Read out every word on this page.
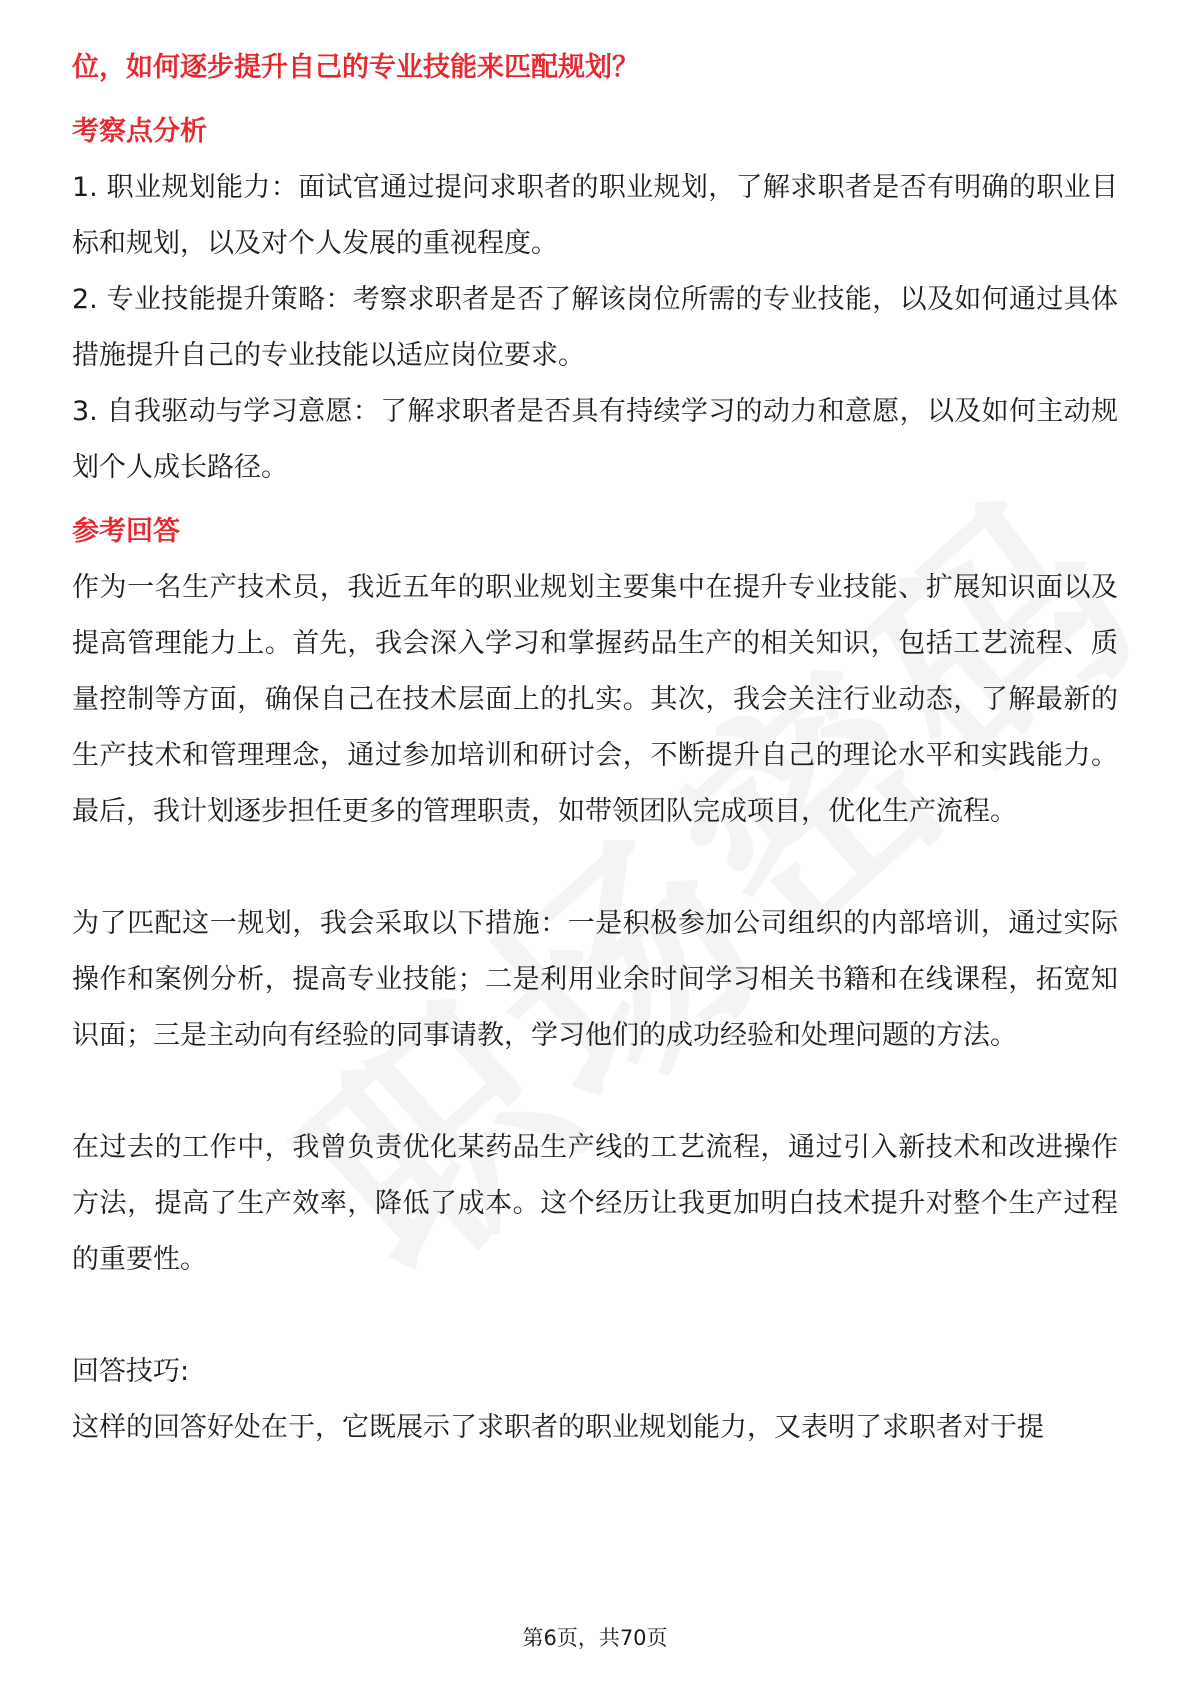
位，如何逐步提升自己的专业技能来匹配规划？

考察点分析

1. 职业规划能力：面试官通过提问求职者的职业规划，了解求职者是否有明确的职业目标和规划，以及对个人发展的重视程度。

2. 专业技能提升策略：考察求职者是否了解该岗位所需的专业技能，以及如何通过具体措施提升自己的专业技能以适应岗位要求。

3. 自我驱动与学习意愿：了解求职者是否具有持续学习的动力和意愿，以及如何主动规划个人成长路径。

参考回答

作为一名生产技术员，我近五年的职业规划主要集中在提升专业技能、扩展知识面以及提高管理能力上。首先，我会深入学习和掌握药品生产的相关知识，包括工艺流程、质量控制等方面，确保自己在技术层面上的扎实。其次，我会关注行业动态，了解最新的生产技术和管理理念，通过参加培训和研讨会，不断提升自己的理论水平和实践能力。最后，我计划逐步担任更多的管理职责，如带领团队完成项目，优化生产流程。

为了匹配这一规划，我会采取以下措施：一是积极参加公司组织的内部培训，通过实际操作和案例分析，提高专业技能；二是利用业余时间学习相关书籍和在线课程，拓宽知识面；三是主动向有经验的同事请教，学习他们的成功经验和处理问题的方法。

在过去的工作中，我曾负责优化某药品生产线的工艺流程，通过引入新技术和改进操作方法，提高了生产效率，降低了成本。这个经历让我更加明白技术提升对整个生产过程的重要性。

回答技巧:

这样的回答好处在于，它既展示了求职者的职业规划能力，又表明了求职者对于提

第6页，共70页
